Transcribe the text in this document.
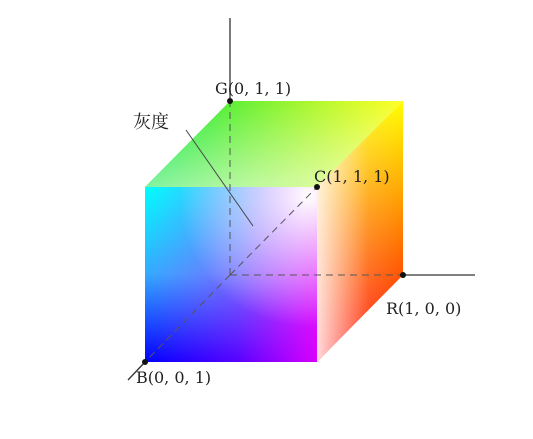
G(0, 1, 1)
C(1, 1, 1)
R(1, 0, 0)
B(0, 0, 1)
灰度
